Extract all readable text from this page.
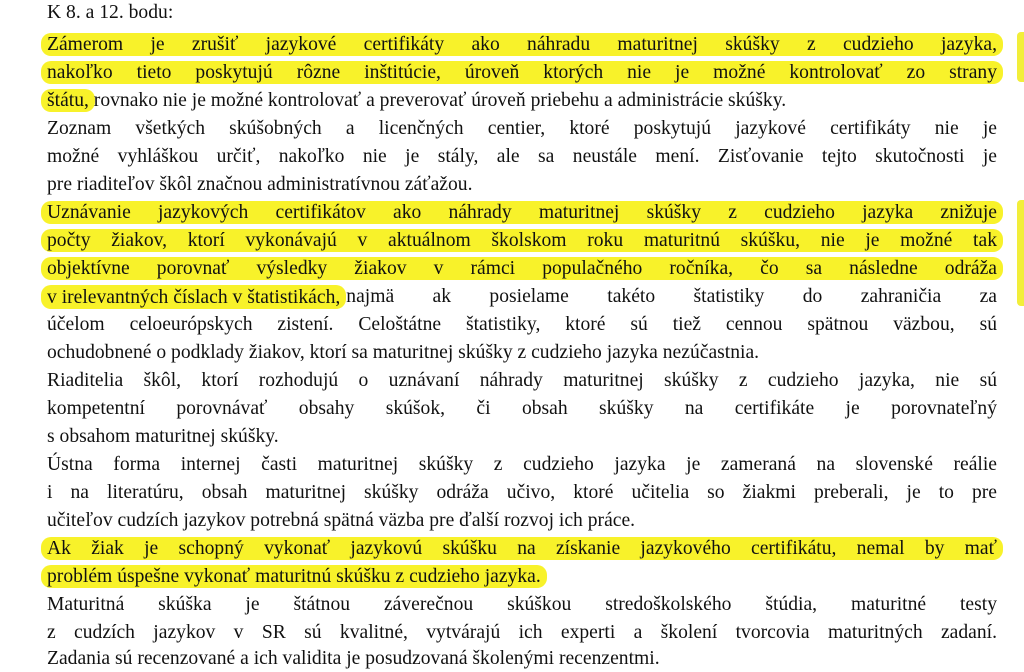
K 8. a 12. bodu:
Zámerom je zrušiť jazykové certifikáty ako náhradu maturitnej skúšky z cudzieho jazyka,
nakoľko tieto poskytujú rôzne inštitúcie, úroveň ktorých nie je možné kontrolovať zo strany
štátu, rovnako nie je možné kontrolovať a preverovať úroveň priebehu a administrácie skúšky.
Zoznam všetkých skúšobných a licenčných centier, ktoré poskytujú jazykové certifikáty nie je
možné vyhláškou určiť, nakoľko nie je stály, ale sa neustále mení. Zisťovanie tejto skutočnosti je
pre riaditeľov škôl značnou administratívnou záťažou.
Uznávanie jazykových certifikátov ako náhrady maturitnej skúšky z cudzieho jazyka znižuje
počty žiakov, ktorí vykonávajú v aktuálnom školskom roku maturitnú skúšku, nie je možné tak
objektívne porovnať výsledky žiakov v rámci populačného ročníka, čo sa následne odráža
v irelevantných číslach v štatistikách, najmä ak posielame takéto štatistiky do zahraničia za
účelom celoeurópskych zistení. Celoštátne štatistiky, ktoré sú tiež cennou spätnou väzbou, sú
ochudobnené o podklady žiakov, ktorí sa maturitnej skúšky z cudzieho jazyka nezúčastnia.
Riaditelia škôl, ktorí rozhodujú o uznávaní náhrady maturitnej skúšky z cudzieho jazyka, nie sú
kompetentní porovnávať obsahy skúšok, či obsah skúšky na certifikáte je porovnateľný
s obsahom maturitnej skúšky.
Ústna forma internej časti maturitnej skúšky z cudzieho jazyka je zameraná na slovenské reálie
i na literatúru, obsah maturitnej skúšky odráža učivo, ktoré učitelia so žiakmi preberali, je to pre
učiteľov cudzích jazykov potrebná spätná väzba pre ďalší rozvoj ich práce.
Ak žiak je schopný vykonať jazykovú skúšku na získanie jazykového certifikátu, nemal by mať
problém úspešne vykonať maturitnú skúšku z cudzieho jazyka.
Maturitná skúška je štátnou záverečnou skúškou stredoškolského štúdia, maturitné testy
z cudzích jazykov v SR sú kvalitné, vytvárajú ich experti a školení tvorcovia maturitných zadaní.
Zadania sú recenzované a ich validita je posudzovaná školenými recenzentmi.
